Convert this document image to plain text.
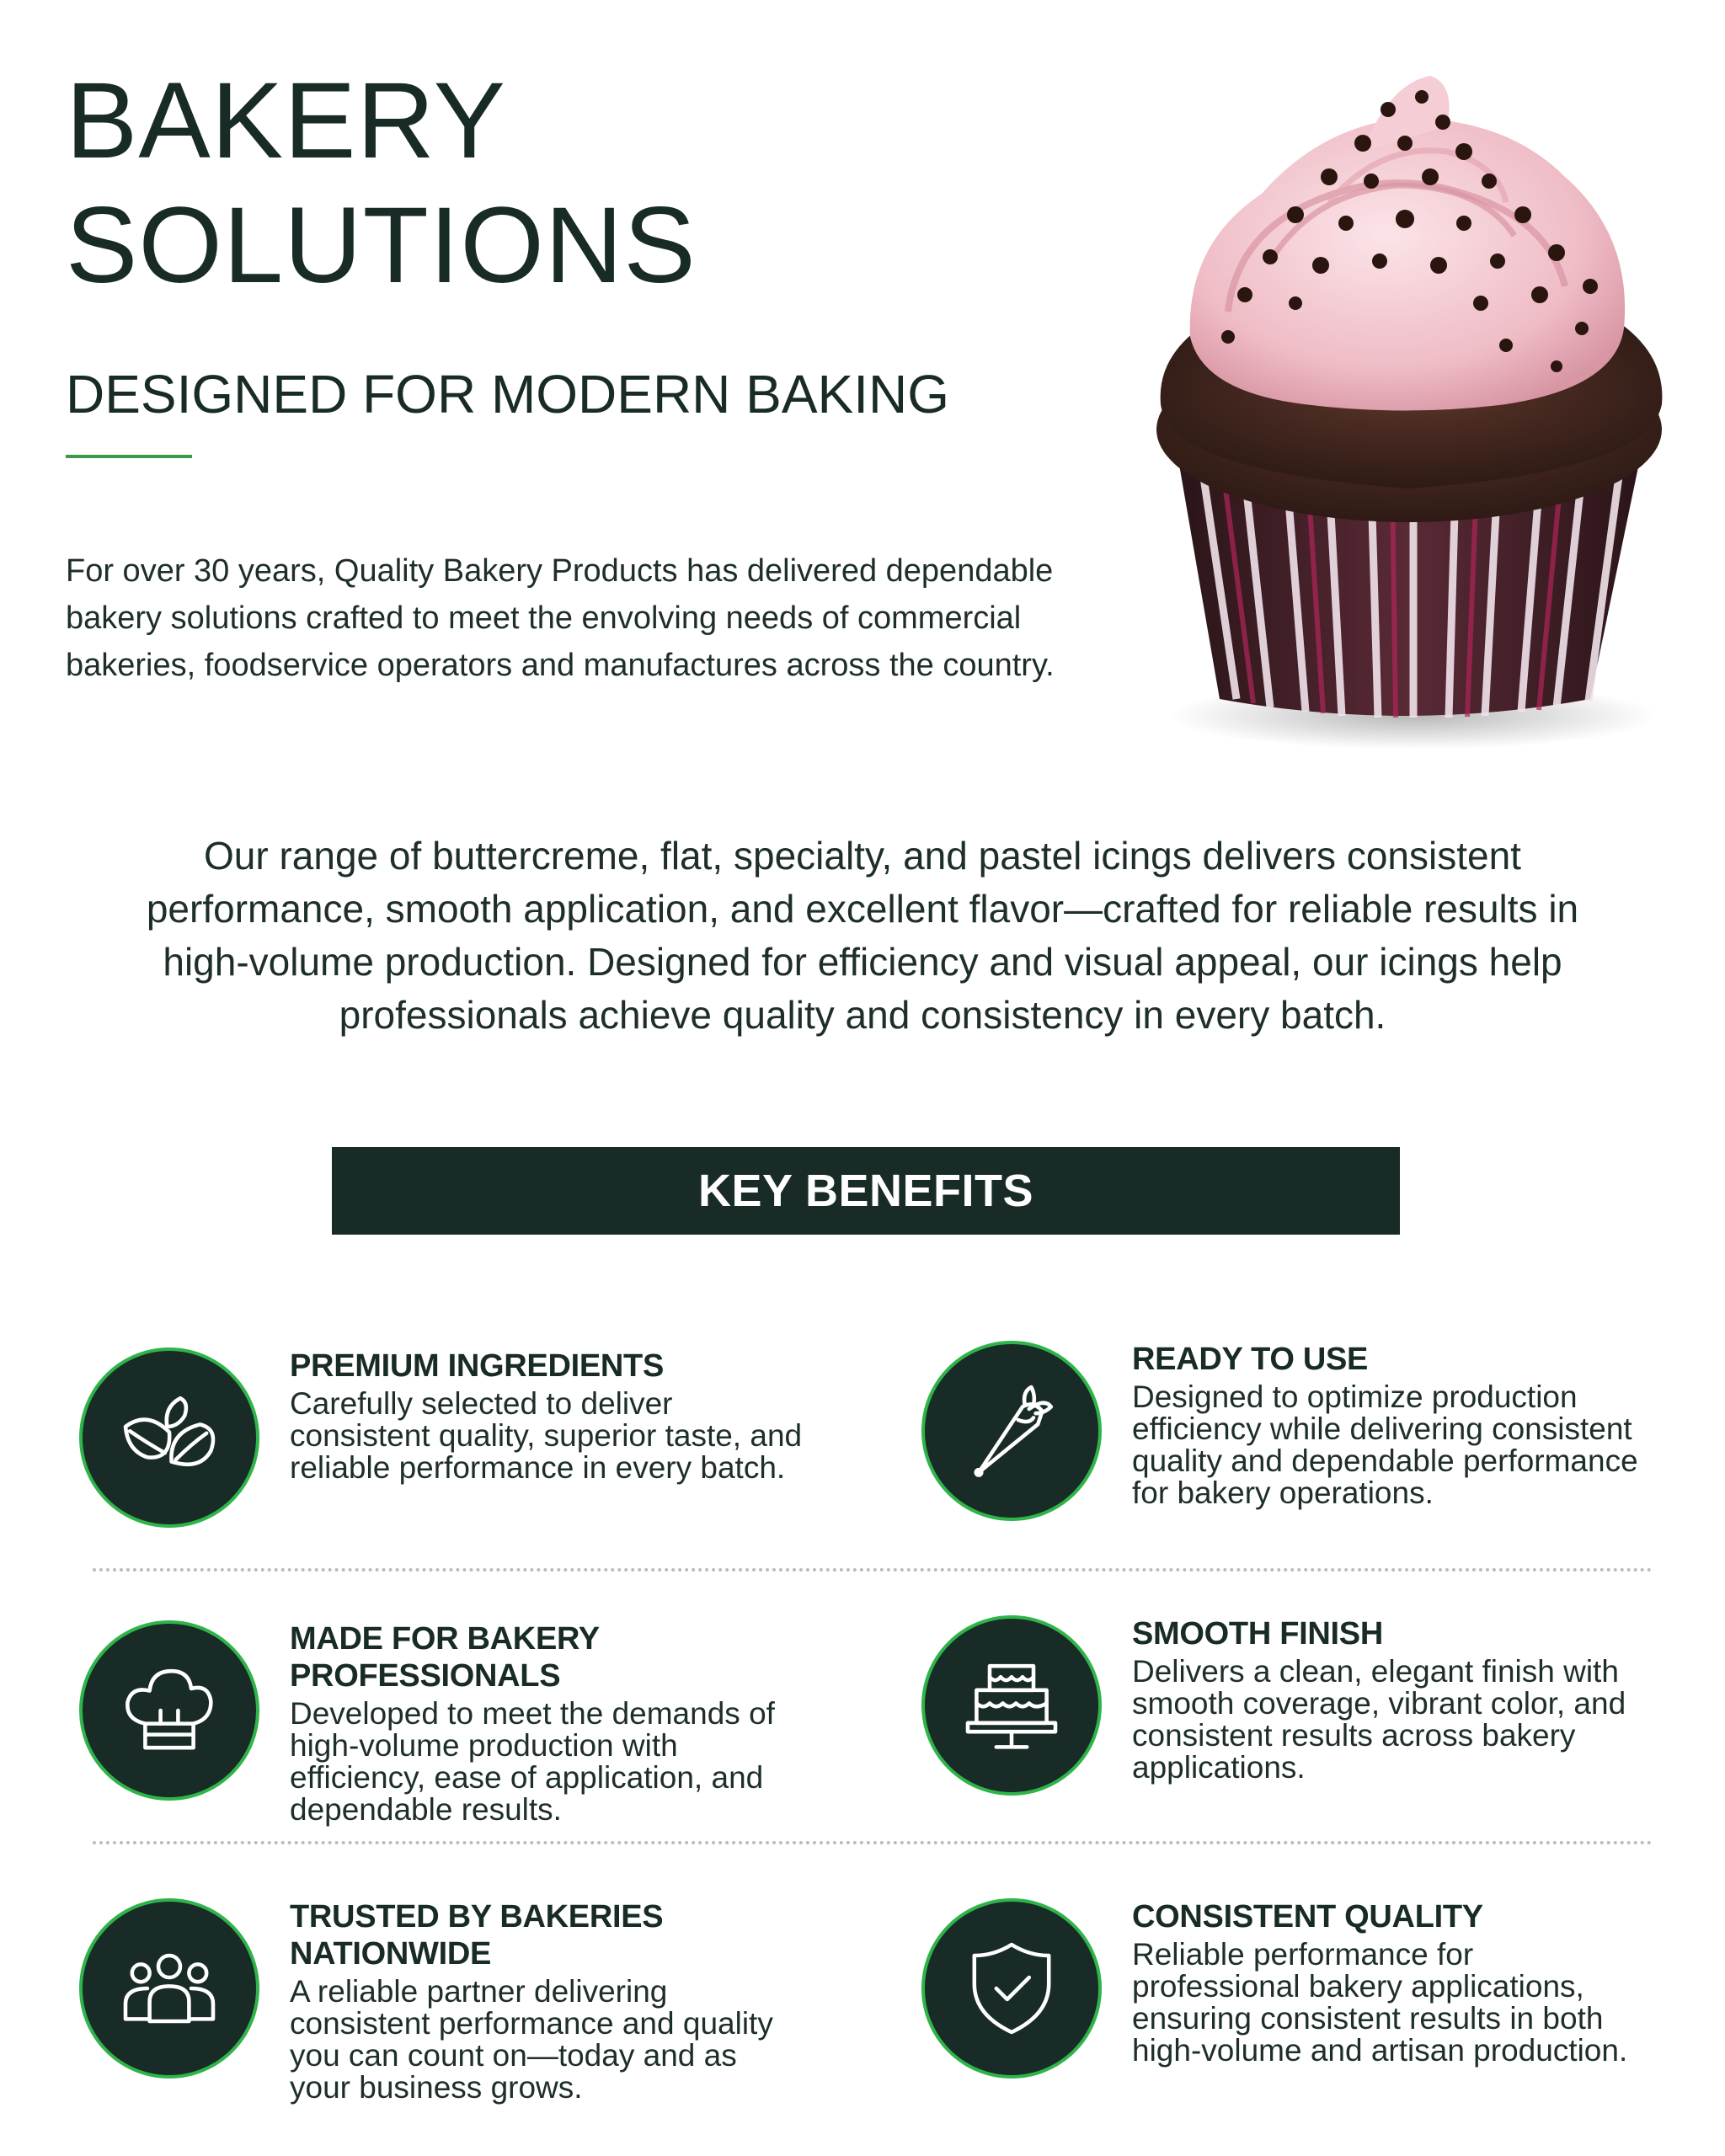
BAKERY
SOLUTIONS
DESIGNED FOR MODERN BAKING

For over 30 years, Quality Bakery Products has delivered dependable bakery solutions crafted to meet the envolving needs of commercial bakeries, foodservice operators and manufactures across the country.

Our range of buttercreme, flat, specialty, and pastel icings delivers consistent performance, smooth application, and excellent flavor—crafted for reliable results in high-volume production. Designed for efficiency and visual appeal, our icings help professionals achieve quality and consistency in every batch.

KEY BENEFITS

PREMIUM INGREDIENTS

Carefully selected to deliver consistent quality, superior taste, and reliable performance in every batch.

READY TO USE

Designed to optimize production efficiency while delivering consistent quality and dependable performance for bakery operations.

MADE FOR BAKERY PROFESSIONALS

Developed to meet the demands of high-volume production with efficiency, ease of application, and dependable results.

SMOOTH FINISH

Delivers a clean, elegant finish with smooth coverage, vibrant color, and consistent results across bakery applications.

TRUSTED BY BAKERIES NATIONWIDE

A reliable partner delivering consistent performance and quality you can count on—today and as your business grows.

CONSISTENT QUALITY

Reliable performance for professional bakery applications, ensuring consistent results in both high-volume and artisan production.
